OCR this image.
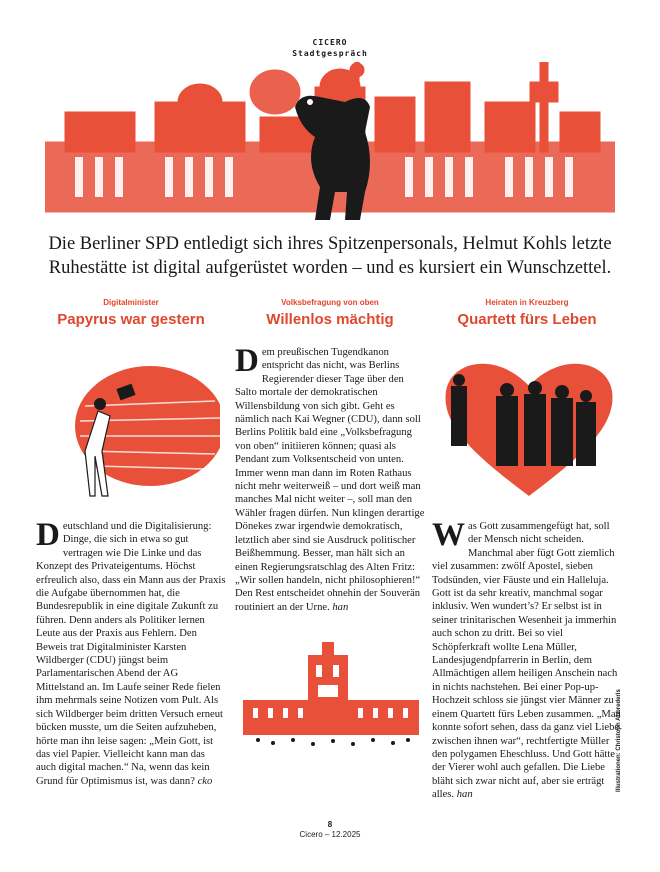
CICERO
Stadtgespräch
Die Berliner SPD entledigt sich ihres Spitzenpersonals, Helmut Kohls letzte Ruhestätte ist digital aufgerüstet worden – und es kursiert ein Wunschzettel.
Digitalminister
Papyrus war gestern
Deutschland und die Digitalisierung: Dinge, die sich in etwa so gut vertragen wie Die Linke und das Konzept des Privateigentums. Höchst erfreulich also, dass ein Mann aus der Praxis die Aufgabe übernommen hat, die Bundesrepublik in eine digitale Zukunft zu führen. Denn anders als Politiker lernen Leute aus der Praxis aus Fehlern. Den Beweis trat Digitalminister Karsten Wildberger (CDU) jüngst beim Parlamentarischen Abend der AG Mittelstand an. Im Laufe seiner Rede fielen ihm mehrmals seine Notizen vom Pult. Als sich Wildberger beim dritten Versuch erneut bücken musste, um die Seiten aufzuheben, hörte man ihn leise sagen: „Mein Gott, ist das viel Papier. Vielleicht kann man das auch digital machen.“ Na, wenn das kein Grund für Optimismus ist, was dann? cko
Volksbefragung von oben
Willenlos mächtig
Dem preußischen Tugendkanon entspricht das nicht, was Berlins Regierender dieser Tage über den Salto mortale der demokratischen Willensbildung von sich gibt. Geht es nämlich nach Kai Wegner (CDU), dann soll Berlins Politik bald eine „Volksbefragung von oben“ initiieren können; quasi als Pendant zum Volksentscheid von unten. Immer wenn man dann im Roten Rathaus nicht mehr weiterweiß – und dort weiß man manches Mal nicht weiter –, soll man den Wähler fragen dürfen. Nun klingen derartige Dönekes zwar irgendwie demokratisch, letztlich aber sind sie Ausdruck politischer Beißhemmung. Besser, man hält sich an einen Regierungsratschlag des Alten Fritz: „Wir sollen handeln, nicht philosophieren!“ Den Rest entscheidet ohnehin der Souverän routiniert an der Urne. han
Heiraten in Kreuzberg
Quartett fürs Leben
Was Gott zusammengefügt hat, soll der Mensch nicht scheiden. Manchmal aber fügt Gott ziemlich viel zusammen: zwölf Apostel, sieben Todsünden, vier Fäuste und ein Halleluja. Gott ist da sehr kreativ, manchmal sogar inklusiv. Wen wundert’s? Er selbst ist in seiner trinitarischen Wesenheit ja immerhin auch schon zu dritt. Bei so viel Schöpferkraft wollte Lena Müller, Landesjugendpfarrerin in Berlin, dem Allmächtigen allem heiligen Anschein nach in nichts nachstehen. Bei einer Pop-up-Hochzeit schloss sie jüngst vier Männer zu einem Quartett fürs Leben zusammen. „Man konnte sofort sehen, dass da ganz viel Liebe zwischen ihnen war“, rechtfertigte Müller den polygamen Eheschluss. Und Gott hätte der Vierer wohl auch gefallen. Die Liebe bläht sich zwar nicht auf, aber sie erträgt alles. han
Illustrationen: Christoph Abbrederis
8
Cicero – 12.2025
